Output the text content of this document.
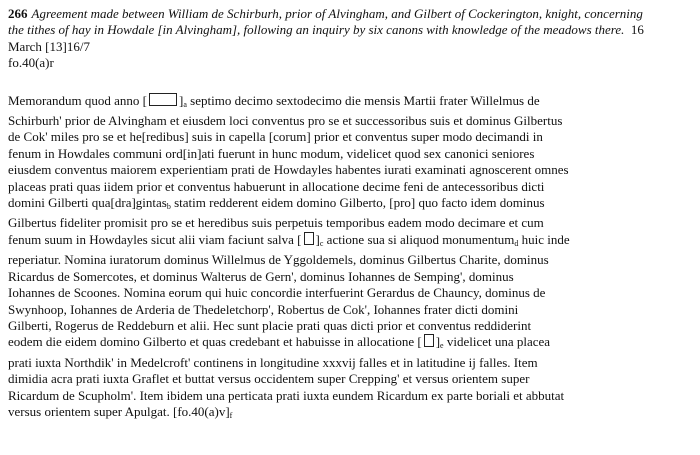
266 Agreement made between William de Schirburh, prior of Alvingham, and Gilbert of Cockerington, knight, concerning
the tithes of hay in Howdale [in Alvingham], following an inquiry by six canons with knowledge of the meadows there. 16
March [13]16/7
fo.40(a)r
Memorandum quod anno [ ]a septimo decimo sextodecimo die mensis Martii frater Willelmus de
Schirburh' prior de Alvingham et eiusdem loci conventus pro se et successoribus suis et dominus Gilbertus
de Cok' miles pro se et he[redibus] suis in capella [corum] prior et conventus super modo decimandi in
fenum in Howdales communi ord[in]ati fuerunt in hunc modum, videlicet quod sex canonici seniores
eiusdem conventus maiorem experientiam prati de Howdayles habentes iurati examinati agnoscerent omnes
placeas prati quas iidem prior et conventus habuerunt in allocatione decime feni de antecessoribus dicti
domini Gilberti qua[dra]gintasb statim redderent eidem domino Gilberto, [pro] quo facto idem dominus
Gilbertus fideliter promisit pro se et heredibus suis perpetuis temporibus eadem modo decimare et cum
fenum suum in Howdayles sicut alii viam faciunt salva [ ]c actione sua si aliquod monumentumd huic inde
reperiatur. Nomina iuratorum dominus Willelmus de Yggoldemels, dominus Gilbertus Charite, dominus
Ricardus de Somercotes, et dominus Walterus de Gern', dominus Iohannes de Semping', dominus
Iohannes de Scoones. Nomina eorum qui huic concordie interfuerint Gerardus de Chauncy, dominus de
Swynhoop, Iohannes de Arderia de Thedeletchorp', Robertus de Cok', Iohannes frater dicti domini
Gilberti, Rogerus de Reddeburn et alii. Hec sunt placie prati quas dicti prior et conventus reddiderint
eodem die eidem domino Gilberto et quas credebant et habuisse in allocatione [ ]e videlicet una placea
prati iuxta Northdik' in Medelcroft' continens in longitudine xxxvij falles et in latitudine ij falles. Item
dimidia acra prati iuxta Graflet et buttat versus occidentem super Crepping' et versus orientem super
Ricardum de Scupholm'. Item ibidem una perticata prati iuxta eundem Ricardum ex parte boriali et abbutat
versus orientem super Apulgat. [fo.40(a)v]f
